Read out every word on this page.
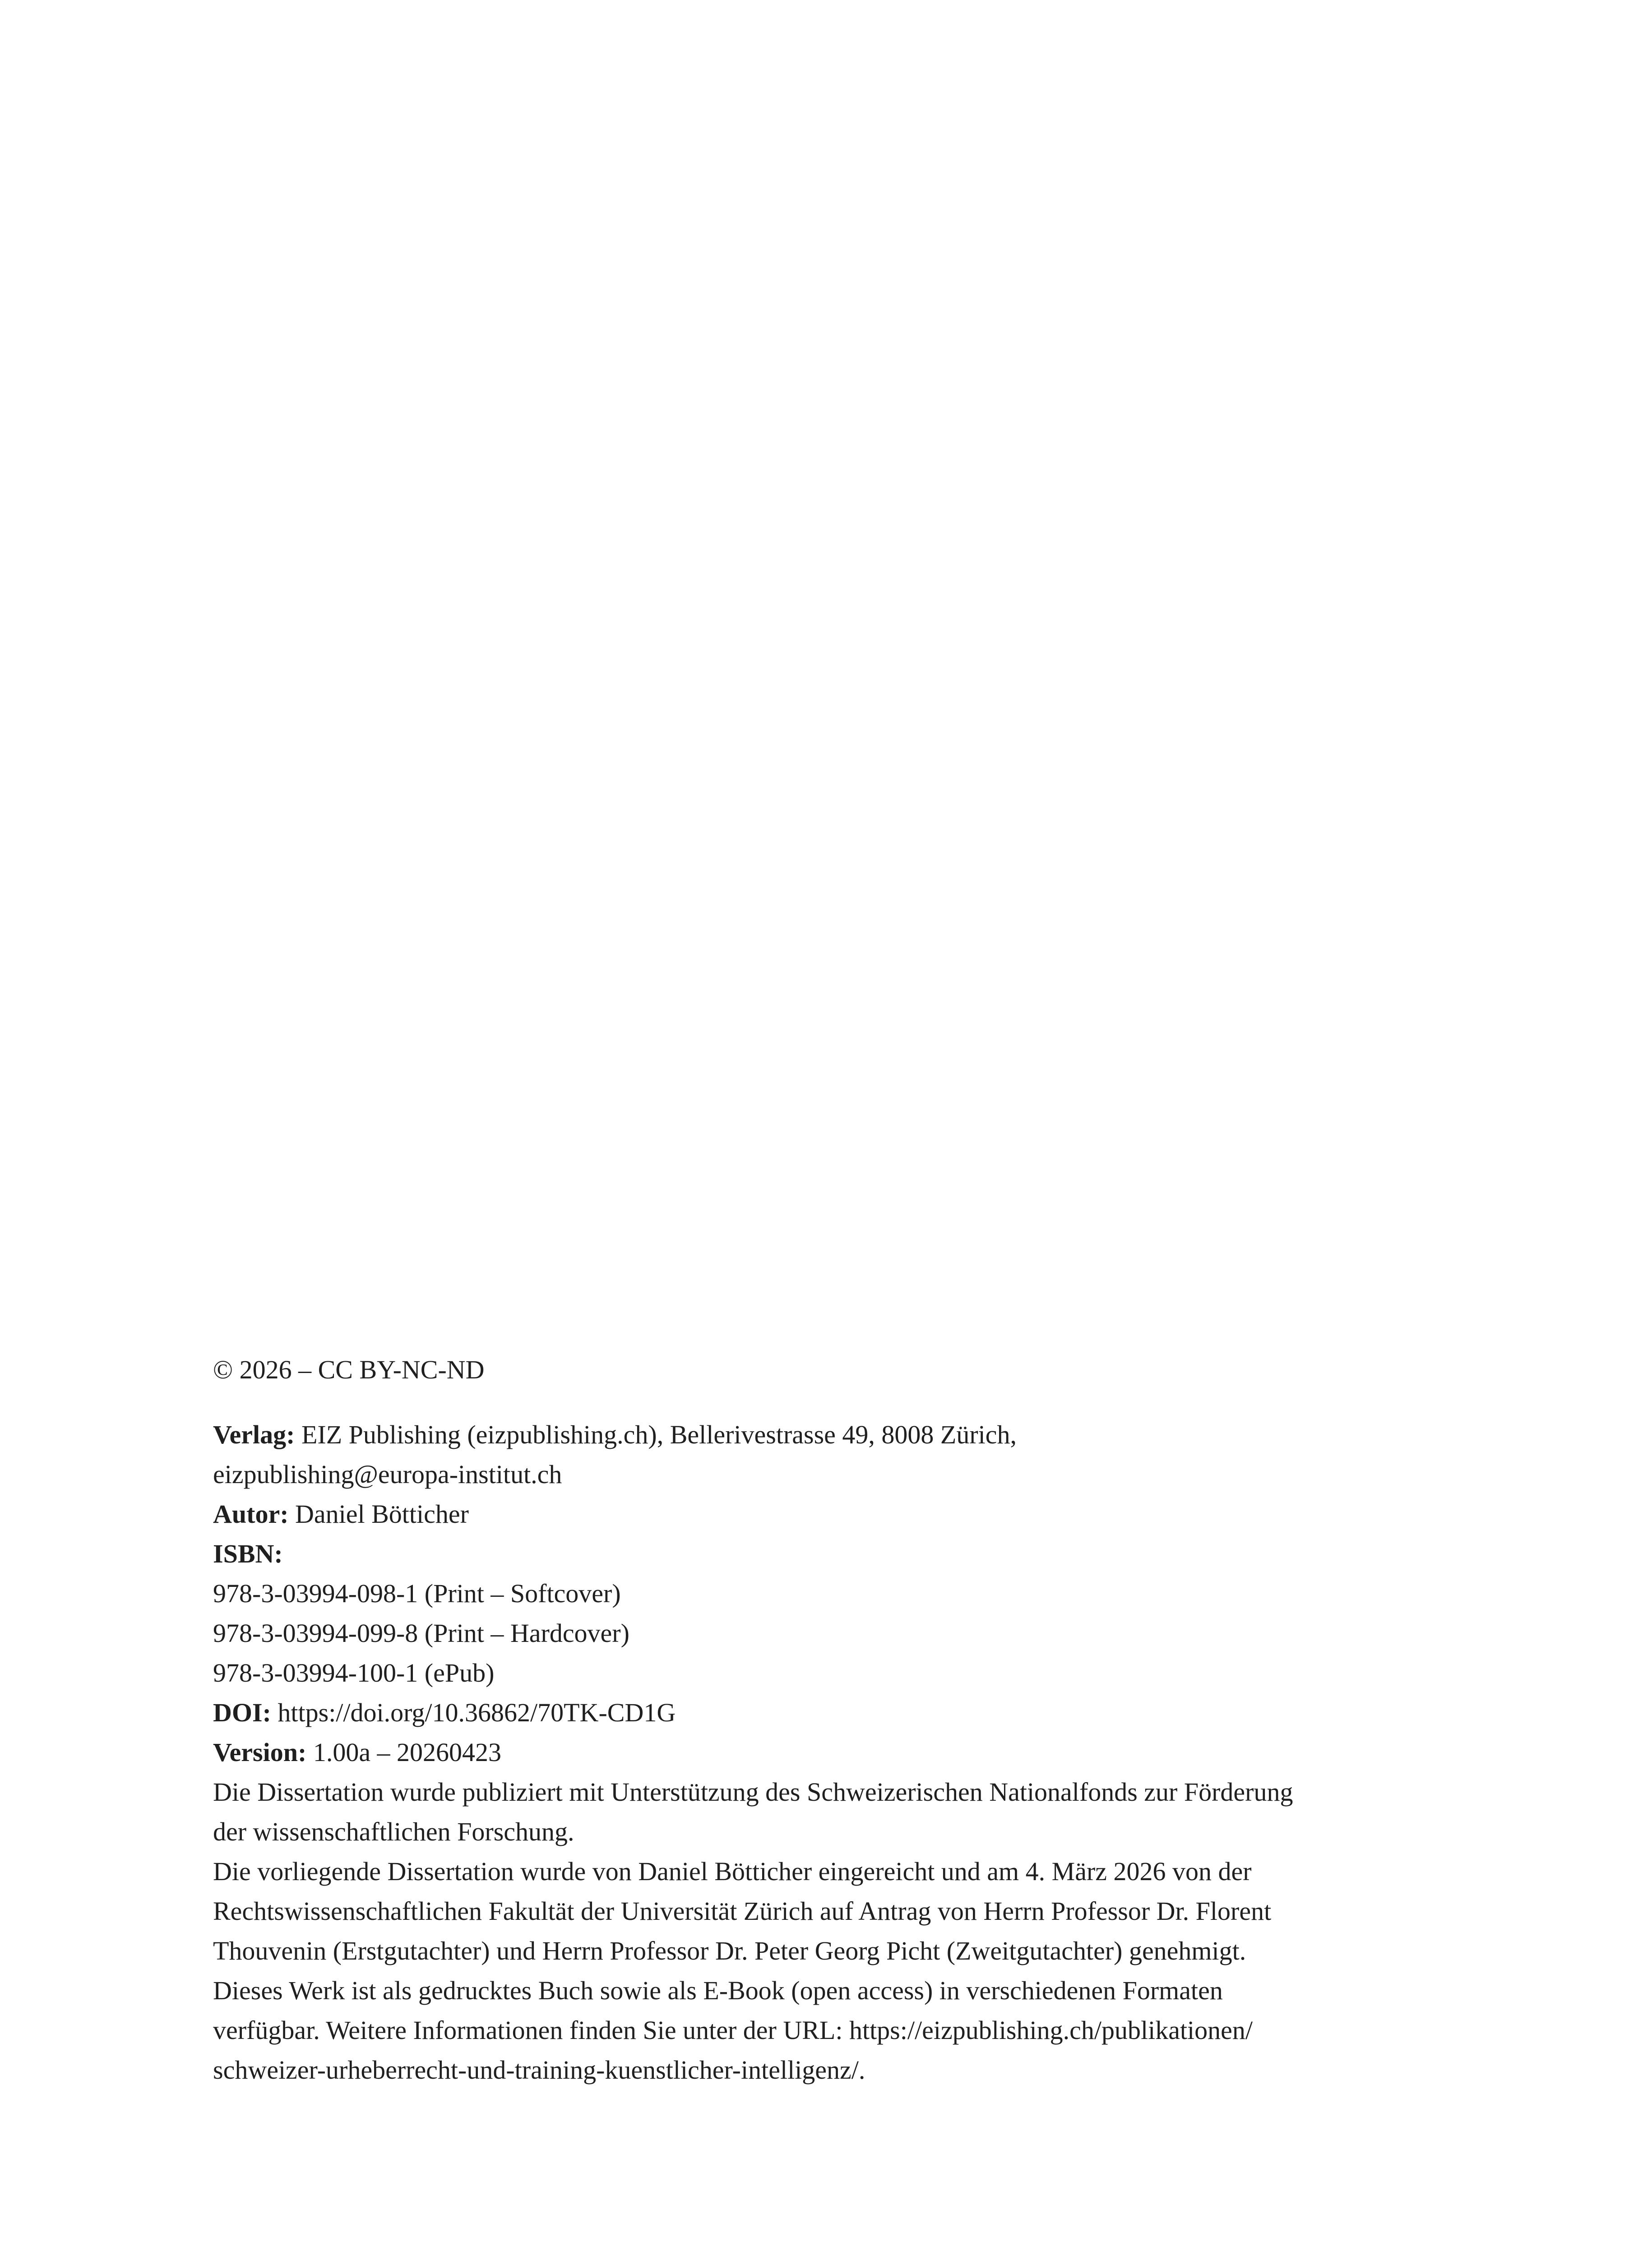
© 2026 – CC BY-NC-ND

Verlag: EIZ Publishing (eizpublishing.ch), Bellerivestrasse 49, 8008 Zürich,
eizpublishing@europa-institut.ch
Autor: Daniel Bötticher
ISBN:
978-3-03994-098-1 (Print – Softcover)
978-3-03994-099-8 (Print – Hardcover)
978-3-03994-100-1 (ePub)
DOI: https://doi.org/10.36862/70TK-CD1G
Version: 1.00a – 20260423

Die Dissertation wurde publiziert mit Unterstützung des Schweizerischen Nationalfonds zur Förderung
der wissenschaftlichen Forschung.

Die vorliegende Dissertation wurde von Daniel Bötticher eingereicht und am 4. März 2026 von der
Rechtswissenschaftlichen Fakultät der Universität Zürich auf Antrag von Herrn Professor Dr. Florent
Thouvenin (Erstgutachter) und Herrn Professor Dr. Peter Georg Picht (Zweitgutachter) genehmigt.

Dieses Werk ist als gedrucktes Buch sowie als E-Book (open access) in verschiedenen Formaten
verfügbar. Weitere Informationen finden Sie unter der URL: https://eizpublishing.ch/publikationen/
schweizer-urheberrecht-und-training-kuenstlicher-intelligenz/.
